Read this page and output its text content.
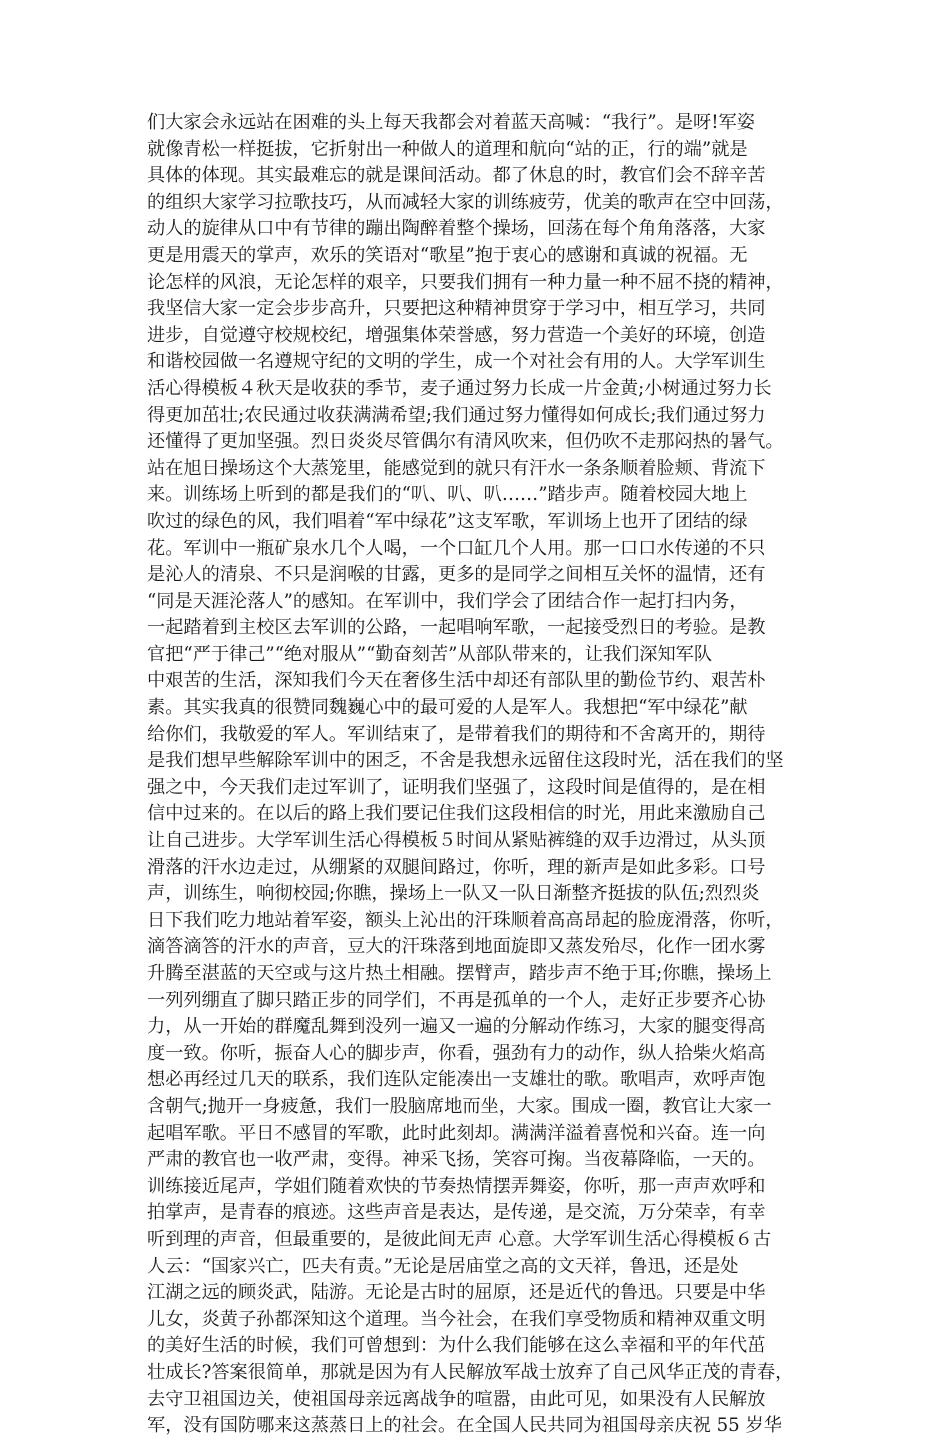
们大家会永远站在困难的头上每天我都会对着蓝天高喊：“我行”。是呀!军姿
就像青松一样挺拔，它折射出一种做人的道理和航向“站的正，行的端”就是
具体的体现。其实最难忘的就是课间活动。都了休息的时，教官们会不辞辛苦
的组织大家学习拉歌技巧，从而减轻大家的训练疲劳，优美的歌声在空中回荡，
动人的旋律从口中有节律的蹦出陶醉着整个操场，回荡在每个角角落落，大家
更是用震天的掌声，欢乐的笑语对“歌星”抱于衷心的感谢和真诚的祝福。无
论怎样的风浪，无论怎样的艰辛，只要我们拥有一种力量一种不屈不挠的精神，
我坚信大家一定会步步高升，只要把这种精神贯穿于学习中，相互学习，共同
进步，自觉遵守校规校纪，增强集体荣誉感，努力营造一个美好的环境，创造
和谐校园做一名遵规守纪的文明的学生，成一个对社会有用的人。大学军训生
活心得模板４秋天是收获的季节，麦子通过努力长成一片金黄;小树通过努力长
得更加茁壮;农民通过收获满满希望;我们通过努力懂得如何成长;我们通过努力
还懂得了更加坚强。烈日炎炎尽管偶尔有清风吹来，但仍吹不走那闷热的暑气。
站在旭日操场这个大蒸笼里，能感觉到的就只有汗水一条条顺着脸颊、背流下
来。训练场上听到的都是我们的“叭、叭、叭……”踏步声。随着校园大地上
吹过的绿色的风，我们唱着“军中绿花”这支军歌，军训场上也开了团结的绿
花。军训中一瓶矿泉水几个人喝，一个口缸几个人用。那一口口水传递的不只
是沁人的清泉、不只是润喉的甘露，更多的是同学之间相互关怀的温情，还有
“同是天涯沦落人”的感知。在军训中，我们学会了团结合作一起打扫内务，
一起踏着到主校区去军训的公路，一起唱响军歌，一起接受烈日的考验。是教
官把“严于律己”“绝对服从”“勤奋刻苦”从部队带来的，让我们深知军队
中艰苦的生活，深知我们今天在奢侈生活中却还有部队里的勤俭节约、艰苦朴
素。其实我真的很赞同魏巍心中的最可爱的人是军人。我想把“军中绿花”献
给你们，我敬爱的军人。军训结束了，是带着我们的期待和不舍离开的，期待
是我们想早些解除军训中的困乏，不舍是我想永远留住这段时光，活在我们的坚
强之中，今天我们走过军训了，证明我们坚强了，这段时间是值得的，是在相
信中过来的。在以后的路上我们要记住我们这段相信的时光，用此来激励自己
让自己进步。大学军训生活心得模板５时间从紧贴裤缝的双手边滑过，从头顶
滑落的汗水边走过，从绷紧的双腿间路过，你听，理的新声是如此多彩。口号
声，训练生，响彻校园;你瞧，操场上一队又一队日渐整齐挺拔的队伍;烈烈炎
日下我们吃力地站着军姿，额头上沁出的汗珠顺着高高昂起的脸庞滑落，你听，
滴答滴答的汗水的声音，豆大的汗珠落到地面旋即又蒸发殆尽，化作一团水雾
升腾至湛蓝的天空或与这片热土相融。摆臂声，踏步声不绝于耳;你瞧，操场上
一列列绷直了脚只踏正步的同学们，不再是孤单的一个人，走好正步要齐心协
力，从一开始的群魔乱舞到没列一遍又一遍的分解动作练习，大家的腿变得高
度一致。你听，振奋人心的脚步声，你看，强劲有力的动作，纵人拾柴火焰高
想必再经过几天的联系，我们连队定能凑出一支雄壮的歌。歌唱声，欢呼声饱
含朝气;抛开一身疲惫，我们一股脑席地而坐，大家。围成一圈，教官让大家一
起唱军歌。平日不感冒的军歌，此时此刻却。满满洋溢着喜悦和兴奋。连一向
严肃的教官也一收严肃，变得。神采飞扬，笑容可掬。当夜幕降临，一天的。
训练接近尾声，学姐们随着欢快的节奏热情摆弄舞姿，你听，那一声声欢呼和
拍掌声，是青春的痕迹。这些声音是表达，是传递，是交流，万分荣幸，有幸
听到理的声音，但最重要的，是彼此间无声 心意。大学军训生活心得模板６古
人云：“国家兴亡，匹夫有责。”无论是居庙堂之高的文天祥，鲁迅，还是处
江湖之远的顾炎武，陆游。无论是古时的屈原，还是近代的鲁迅。只要是中华
儿女，炎黄子孙都深知这个道理。当今社会，在我们享受物质和精神双重文明
的美好生活的时候，我们可曾想到：为什么我们能够在这么幸福和平的年代茁
壮成长?答案很简单，那就是因为有人民解放军战士放弃了自己风华正茂的青春，
去守卫祖国边关，使祖国母亲远离战争的喧嚣，由此可见，如果没有人民解放
军，没有国防哪来这蒸蒸日上的社会。在全国人民共同为祖国母亲庆祝 55 岁华
